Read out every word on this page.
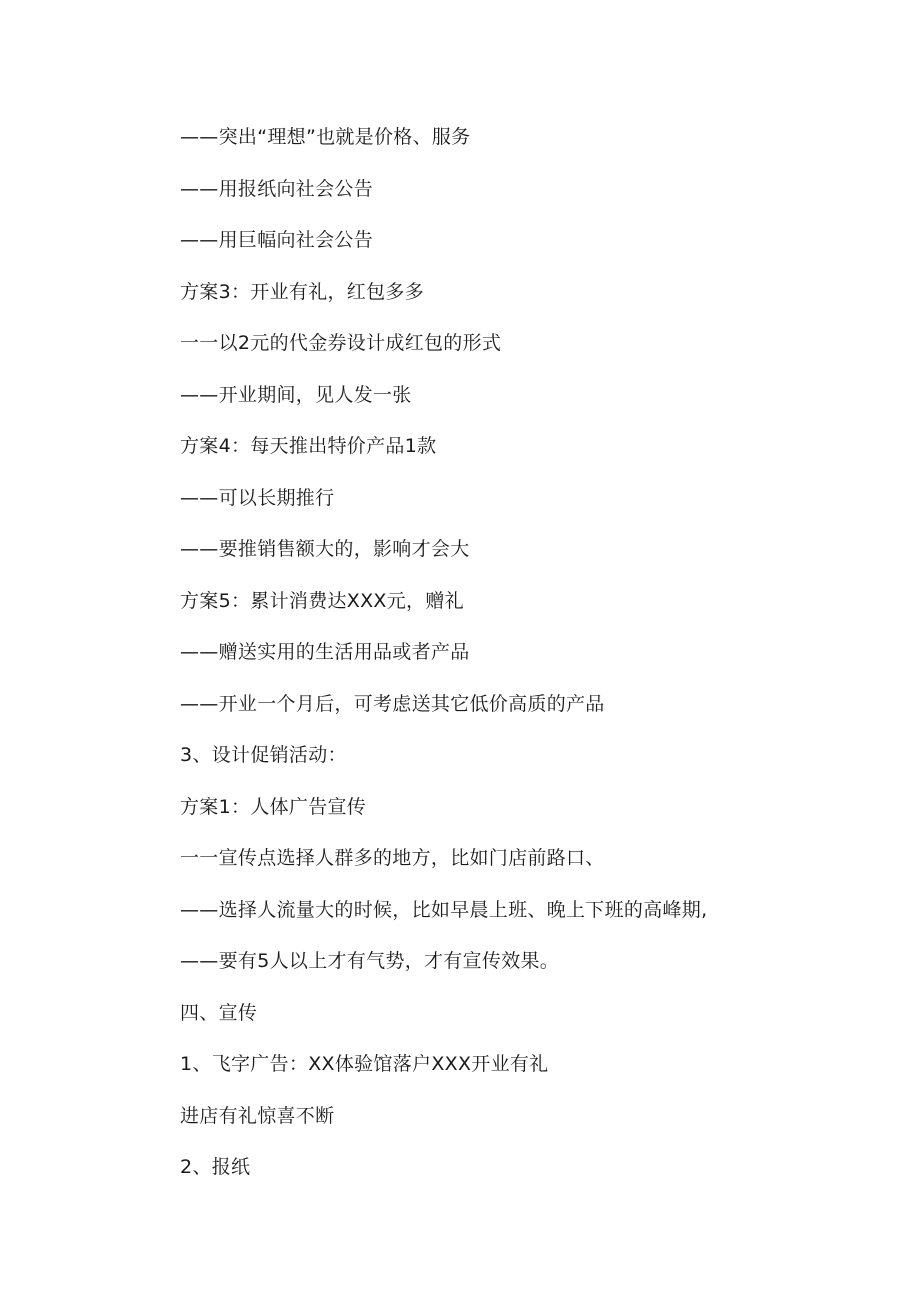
——突出“理想”也就是价格、服务
——用报纸向社会公告
——用巨幅向社会公告
方案3：开业有礼，红包多多
一一以2元的代金券设计成红包的形式
——开业期间，见人发一张
方案4：每天推出特价产品1款
——可以长期推行
——要推销售额大的，影响才会大
方案5：累计消费达XXX元，赠礼
——赠送实用的生活用品或者产品
——开业一个月后，可考虑送其它低价高质的产品
3、设计促销活动：
方案1：人体广告宣传
一一宣传点选择人群多的地方，比如门店前路口、
——选择人流量大的时候，比如早晨上班、晚上下班的高峰期,
——要有5人以上才有气势，才有宣传效果。
四、宣传
1、飞字广告：XX体验馆落户XXX开业有礼
进店有礼惊喜不断
2、报纸
